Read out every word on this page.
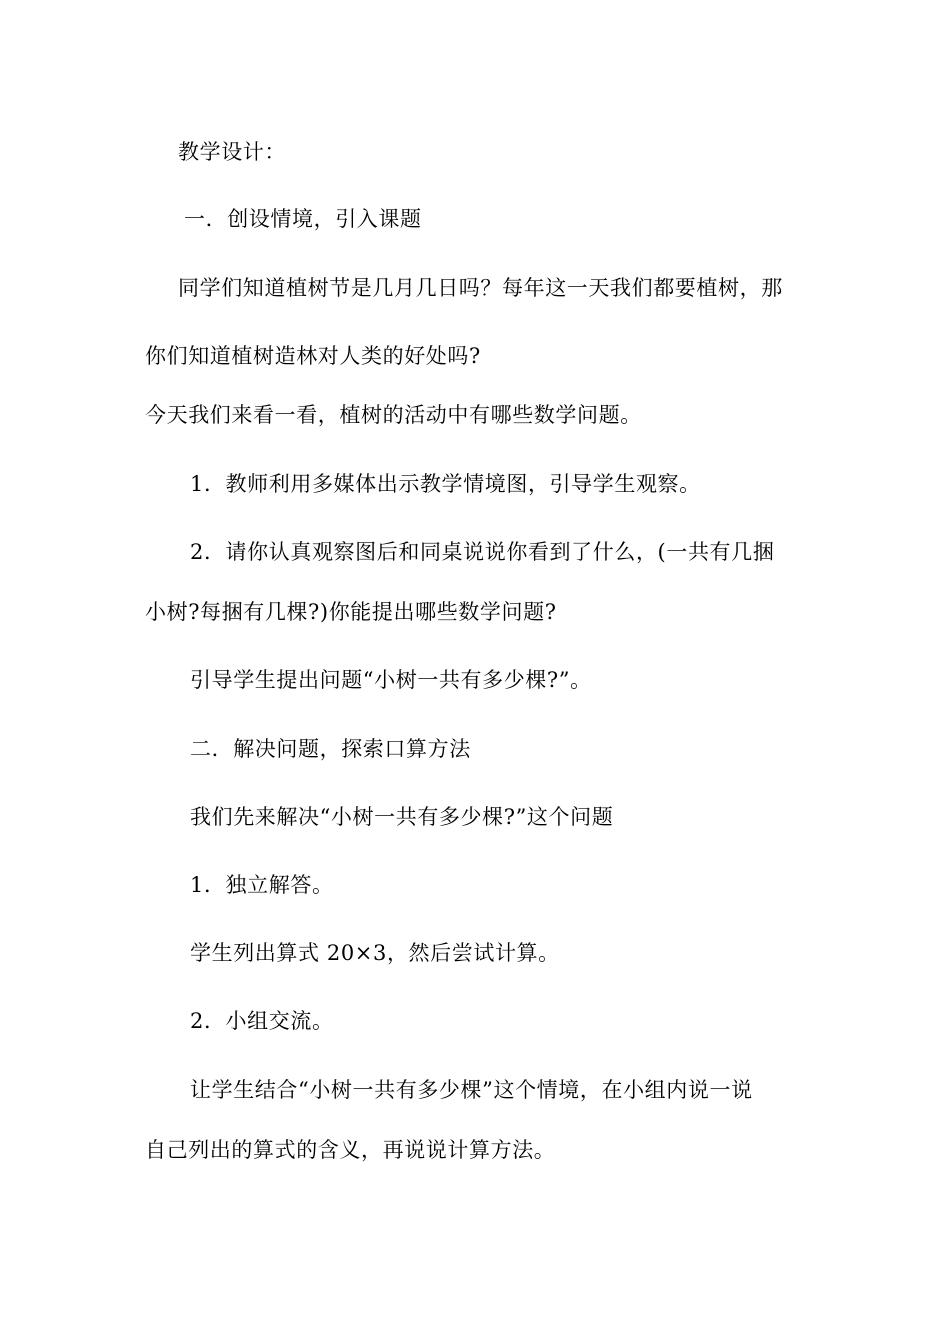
教学设计：
一．创设情境，引入课题
同学们知道植树节是几月几日吗？每年这一天我们都要植树，那
你们知道植树造林对人类的好处吗?
今天我们来看一看，植树的活动中有哪些数学问题。
1．教师利用多媒体出示教学情境图，引导学生观察。
2．请你认真观察图后和同桌说说你看到了什么，(一共有几捆
小树?每捆有几棵?)你能提出哪些数学问题?
引导学生提出问题“小树一共有多少棵?”。
二．解决问题，探索口算方法
我们先来解决“小树一共有多少棵?”这个问题
1．独立解答。
学生列出算式 20×3，然后尝试计算。
2．小组交流。
让学生结合“小树一共有多少棵”这个情境，在小组内说一说
自己列出的算式的含义，再说说计算方法。
